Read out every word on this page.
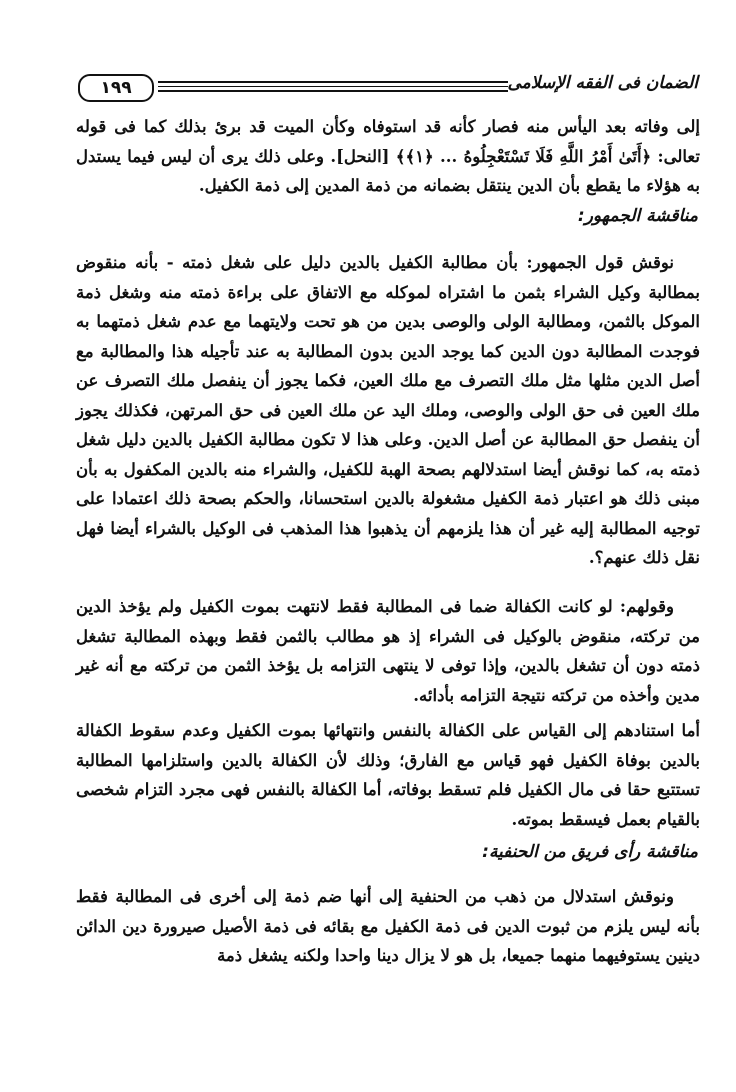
١٩٩	الضمان فى الفقه الإسلامى

إلى وفاته بعد اليأس منه فصار كأنه قد استوفاه وكأن الميت قد برئ بذلك كما فى قوله تعالى: ﴿أَتَىٰ أَمْرُ اللَّهِ فَلَا تَسْتَعْجِلُوهُ ... ﴿١﴾﴾ [النحل]. وعلى ذلك يرى أن ليس فيما يستدل به هؤلاء ما يقطع بأن الدين ينتقل بضمانه من ذمة المدين إلى ذمة الكفيل.

مناقشة الجمهور:

نوقش قول الجمهور: بأن مطالبة الكفيل بالدين دليل على شغل ذمته - بأنه منقوض بمطالبة وكيل الشراء بثمن ما اشتراه لموكله مع الاتفاق على براءة ذمته منه وشغل ذمة الموكل بالثمن، ومطالبة الولى والوصى بدين من هو تحت ولايتهما مع عدم شغل ذمتهما به فوجدت المطالبة دون الدين كما يوجد الدين بدون المطالبة به عند تأجيله هذا والمطالبة مع أصل الدين مثلها مثل ملك التصرف مع ملك العين، فكما يجوز أن ينفصل ملك التصرف عن ملك العين فى حق الولى والوصى، وملك اليد عن ملك العين فى حق المرتهن، فكذلك يجوز أن ينفصل حق المطالبة عن أصل الدين. وعلى هذا لا تكون مطالبة الكفيل بالدين دليل شغل ذمته به، كما نوقش أيضا استدلالهم بصحة الهبة للكفيل، والشراء منه بالدين المكفول به بأن مبنى ذلك هو اعتبار ذمة الكفيل مشغولة بالدين استحسانا، والحكم بصحة ذلك اعتمادا على توجيه المطالبة إليه غير أن هذا يلزمهم أن يذهبوا هذا المذهب فى الوكيل بالشراء أيضا فهل نقل ذلك عنهم؟.

وقولهم: لو كانت الكفالة ضما فى المطالبة فقط لانتهت بموت الكفيل ولم يؤخذ الدين من تركته، منقوض بالوكيل فى الشراء إذ هو مطالب بالثمن فقط وبهذه المطالبة تشغل ذمته دون أن تشغل بالدين، وإذا توفى لا ينتهى التزامه بل يؤخذ الثمن من تركته مع أنه غير مدين وأخذه من تركته نتيجة التزامه بأدائه.

أما استنادهم إلى القياس على الكفالة بالنفس وانتهائها بموت الكفيل وعدم سقوط الكفالة بالدين بوفاة الكفيل فهو قياس مع الفارق؛ وذلك لأن الكفالة بالدين واستلزامها المطالبة تستتبع حقا فى مال الكفيل فلم تسقط بوفاته، أما الكفالة بالنفس فهى مجرد التزام شخصى بالقيام بعمل فيسقط بموته.

مناقشة رأى فريق من الحنفية:

ونوقش استدلال من ذهب من الحنفية إلى أنها ضم ذمة إلى أخرى فى المطالبة فقط بأنه ليس يلزم من ثبوت الدين فى ذمة الكفيل مع بقائه فى ذمة الأصيل صيرورة دين الدائن دينين يستوفيهما منهما جميعا، بل هو لا يزال دينا واحدا ولكنه يشغل ذمة
